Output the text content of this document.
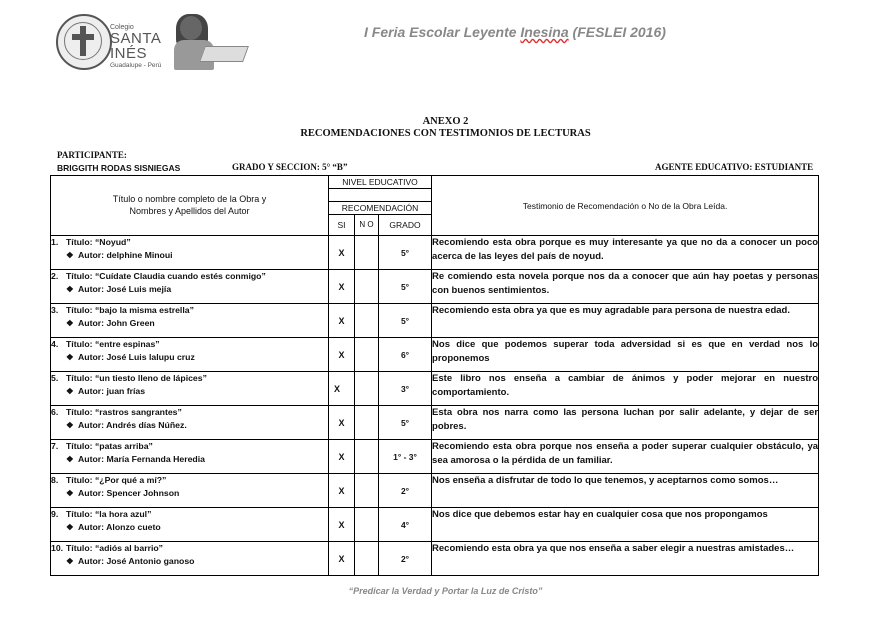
Colegio
SANTA
INÉS
Guadalupe - Perú
I Feria Escolar Leyente Inesina (FESLEI 2016)
ANEXO 2
RECOMENDACIONES CON TESTIMONIOS DE LECTURAS
PARTICIPANTE:
BRIGGITH RODAS SISNIEGAS	GRADO Y SECCION: 5° “B”	AGENTE EDUCATIVO: ESTUDIANTE
Título o nombre completo de la Obra y
Nombres y Apellidos del Autor	NIVEL EDUCATIVO			Testimonio de Recomendación o No de la Obra Leída.

	RECOMENDACIÓN			
	SI	N O	GRADO	
1. Título: “Noyud”
❖ Autor: delphine Minoui	X		5°	Recomiendo esta obra porque es muy interesante ya que no da a conocer un poco acerca de las leyes del país de noyud.
2. Título: “Cuídate Claudia cuando estés conmigo”
❖ Autor: José Luis mejía	X		5°	Re comiendo esta novela porque nos da a conocer que aún hay poetas y personas con buenos sentimientos.
3. Título: “bajo la misma estrella”
❖ Autor: John Green	X		5°	Recomiendo esta obra ya que es muy agradable para persona de nuestra edad.
4. Título: “entre espinas”
❖ Autor: José Luis lalupu cruz	X		6°	Nos dice que podemos superar toda adversidad si es que en verdad nos lo proponemos
5. Título: “un tiesto lleno de lápices”
❖ Autor: juan frías	X		3°	Este libro nos enseña a cambiar de ánimos y poder mejorar en nuestro comportamiento.
6. Título: “rastros sangrantes”
❖ Autor: Andrés días Núñez.	X		5°	Esta obra nos narra como las persona luchan por salir adelante, y dejar de ser pobres.
7. Título: “patas arriba”
❖ Autor: María Fernanda Heredia	X		1° - 3°	Recomiendo esta obra porque nos enseña a poder superar cualquier obstáculo, ya sea amorosa o la pérdida de un familiar.
8. Título: “¿Por qué a mí?”
❖ Autor: Spencer Johnson	X		2°	Nos enseña a disfrutar de todo lo que tenemos, y aceptarnos como somos…
9. Título: “la hora azul”
❖ Autor: Alonzo cueto	X		4°	Nos dice que debemos estar hay en cualquier cosa que nos propongamos
10. Título: “adiós al barrio”
❖ Autor: José Antonio ganoso	X		2°	Recomiendo esta obra ya que nos enseña a saber elegir a nuestras amistades…
“Predicar la Verdad y Portar la Luz de Cristo”
